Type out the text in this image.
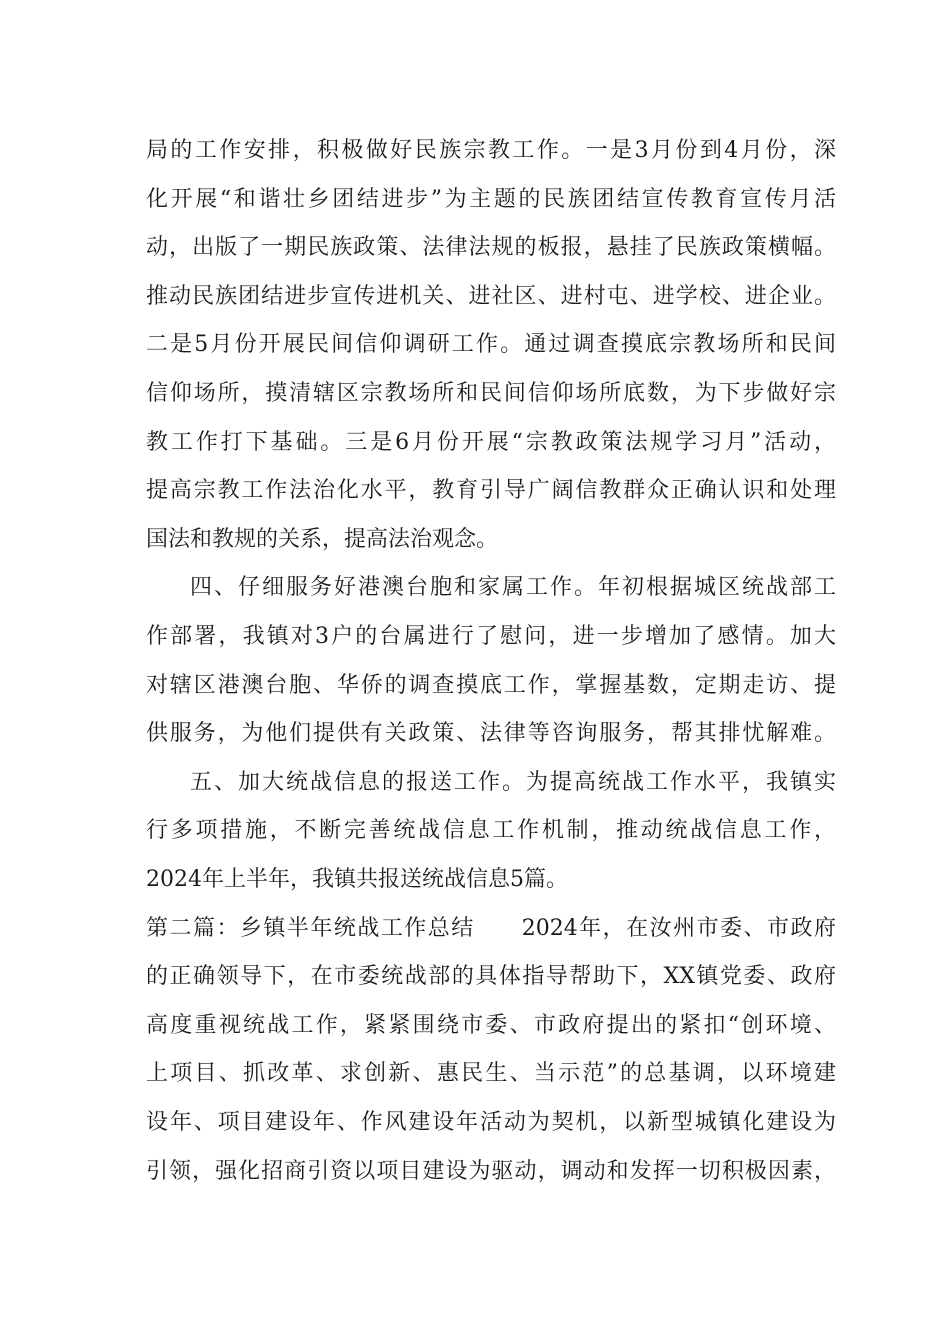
局的工作安排，积极做好民族宗教工作。一是3月份到4月份，深
化开展“和谐壮乡团结进步”为主题的民族团结宣传教育宣传月活
动，出版了一期民族政策、法律法规的板报，悬挂了民族政策横幅。
推动民族团结进步宣传进机关、进社区、进村屯、进学校、进企业。
二是5月份开展民间信仰调研工作。通过调查摸底宗教场所和民间
信仰场所，摸清辖区宗教场所和民间信仰场所底数，为下步做好宗
教工作打下基础。三是6月份开展“宗教政策法规学习月”活动，
提高宗教工作法治化水平，教育引导广阔信教群众正确认识和处理
国法和教规的关系，提高法治观念。
四、仔细服务好港澳台胞和家属工作。年初根据城区统战部工
作部署，我镇对3户的台属进行了慰问，进一步增加了感情。加大
对辖区港澳台胞、华侨的调查摸底工作，掌握基数，定期走访、提
供服务，为他们提供有关政策、法律等咨询服务，帮其排忧解难。
五、加大统战信息的报送工作。为提高统战工作水平，我镇实
行多项措施，不断完善统战信息工作机制，推动统战信息工作，
2024年上半年，我镇共报送统战信息5篇。
第二篇：乡镇半年统战工作总结　　2024年，在汝州市委、市政府
的正确领导下，在市委统战部的具体指导帮助下，XX镇党委、政府
高度重视统战工作，紧紧围绕市委、市政府提出的紧扣“创环境、
上项目、抓改革、求创新、惠民生、当示范”的总基调，以环境建
设年、项目建设年、作风建设年活动为契机，以新型城镇化建设为
引领，强化招商引资以项目建设为驱动，调动和发挥一切积极因素，
